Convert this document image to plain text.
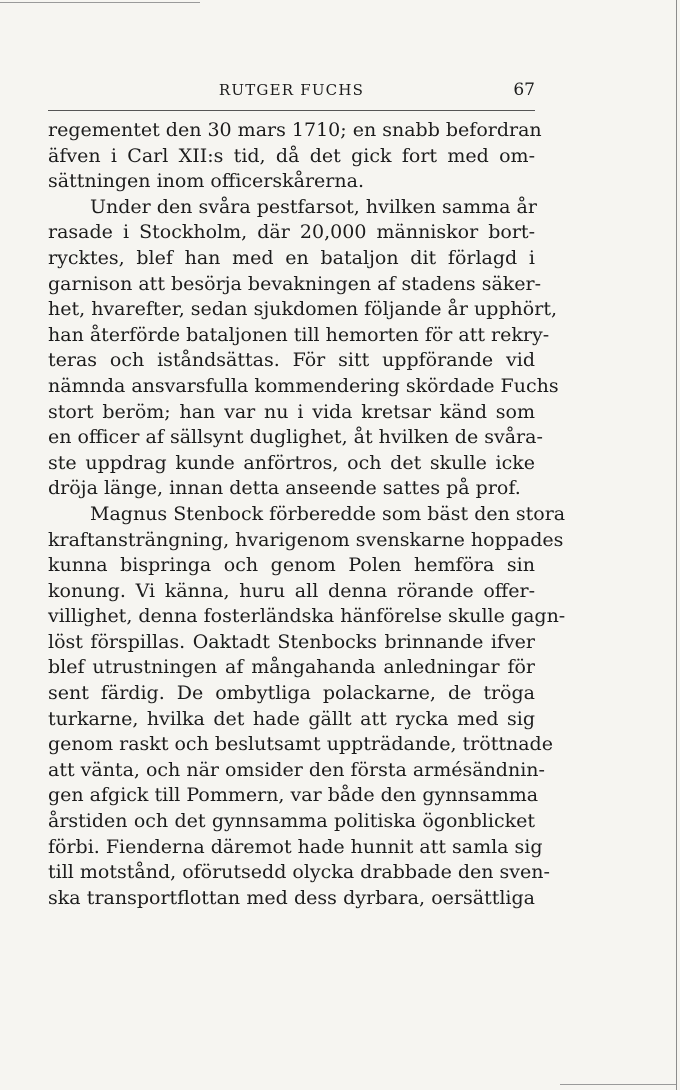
RUTGER FUCHS	67
regementet den 30 mars 1710; en snabb befordran
äfven i Carl XII:s tid, då det gick fort med om-
sättningen inom officerskårerna.
Under den svåra pestfarsot, hvilken samma år
rasade i Stockholm, där 20,000 människor bort-
rycktes, blef han med en bataljon dit förlagd i
garnison att besörja bevakningen af stadens säker-
het, hvarefter, sedan sjukdomen följande år upphört,
han återförde bataljonen till hemorten för att rekry-
teras och iståndsättas. För sitt uppförande vid
nämnda ansvarsfulla kommendering skördade Fuchs
stort beröm; han var nu i vida kretsar känd som
en officer af sällsynt duglighet, åt hvilken de svåra-
ste uppdrag kunde anförtros, och det skulle icke
dröja länge, innan detta anseende sattes på prof.
Magnus Stenbock förberedde som bäst den stora
kraftansträngning, hvarigenom svenskarne hoppades
kunna bispringa och genom Polen hemföra sin
konung. Vi känna, huru all denna rörande offer-
villighet, denna fosterländska hänförelse skulle gagn-
löst förspillas. Oaktadt Stenbocks brinnande ifver
blef utrustningen af mångahanda anledningar för
sent färdig. De ombytliga polackarne, de tröga
turkarne, hvilka det hade gällt att rycka med sig
genom raskt och beslutsamt uppträdande, tröttnade
att vänta, och när omsider den första armésändnin-
gen afgick till Pommern, var både den gynnsamma
årstiden och det gynnsamma politiska ögonblicket
förbi. Fienderna däremot hade hunnit att samla sig
till motstånd, oförutsedd olycka drabbade den sven-
ska transportflottan med dess dyrbara, oersättliga
